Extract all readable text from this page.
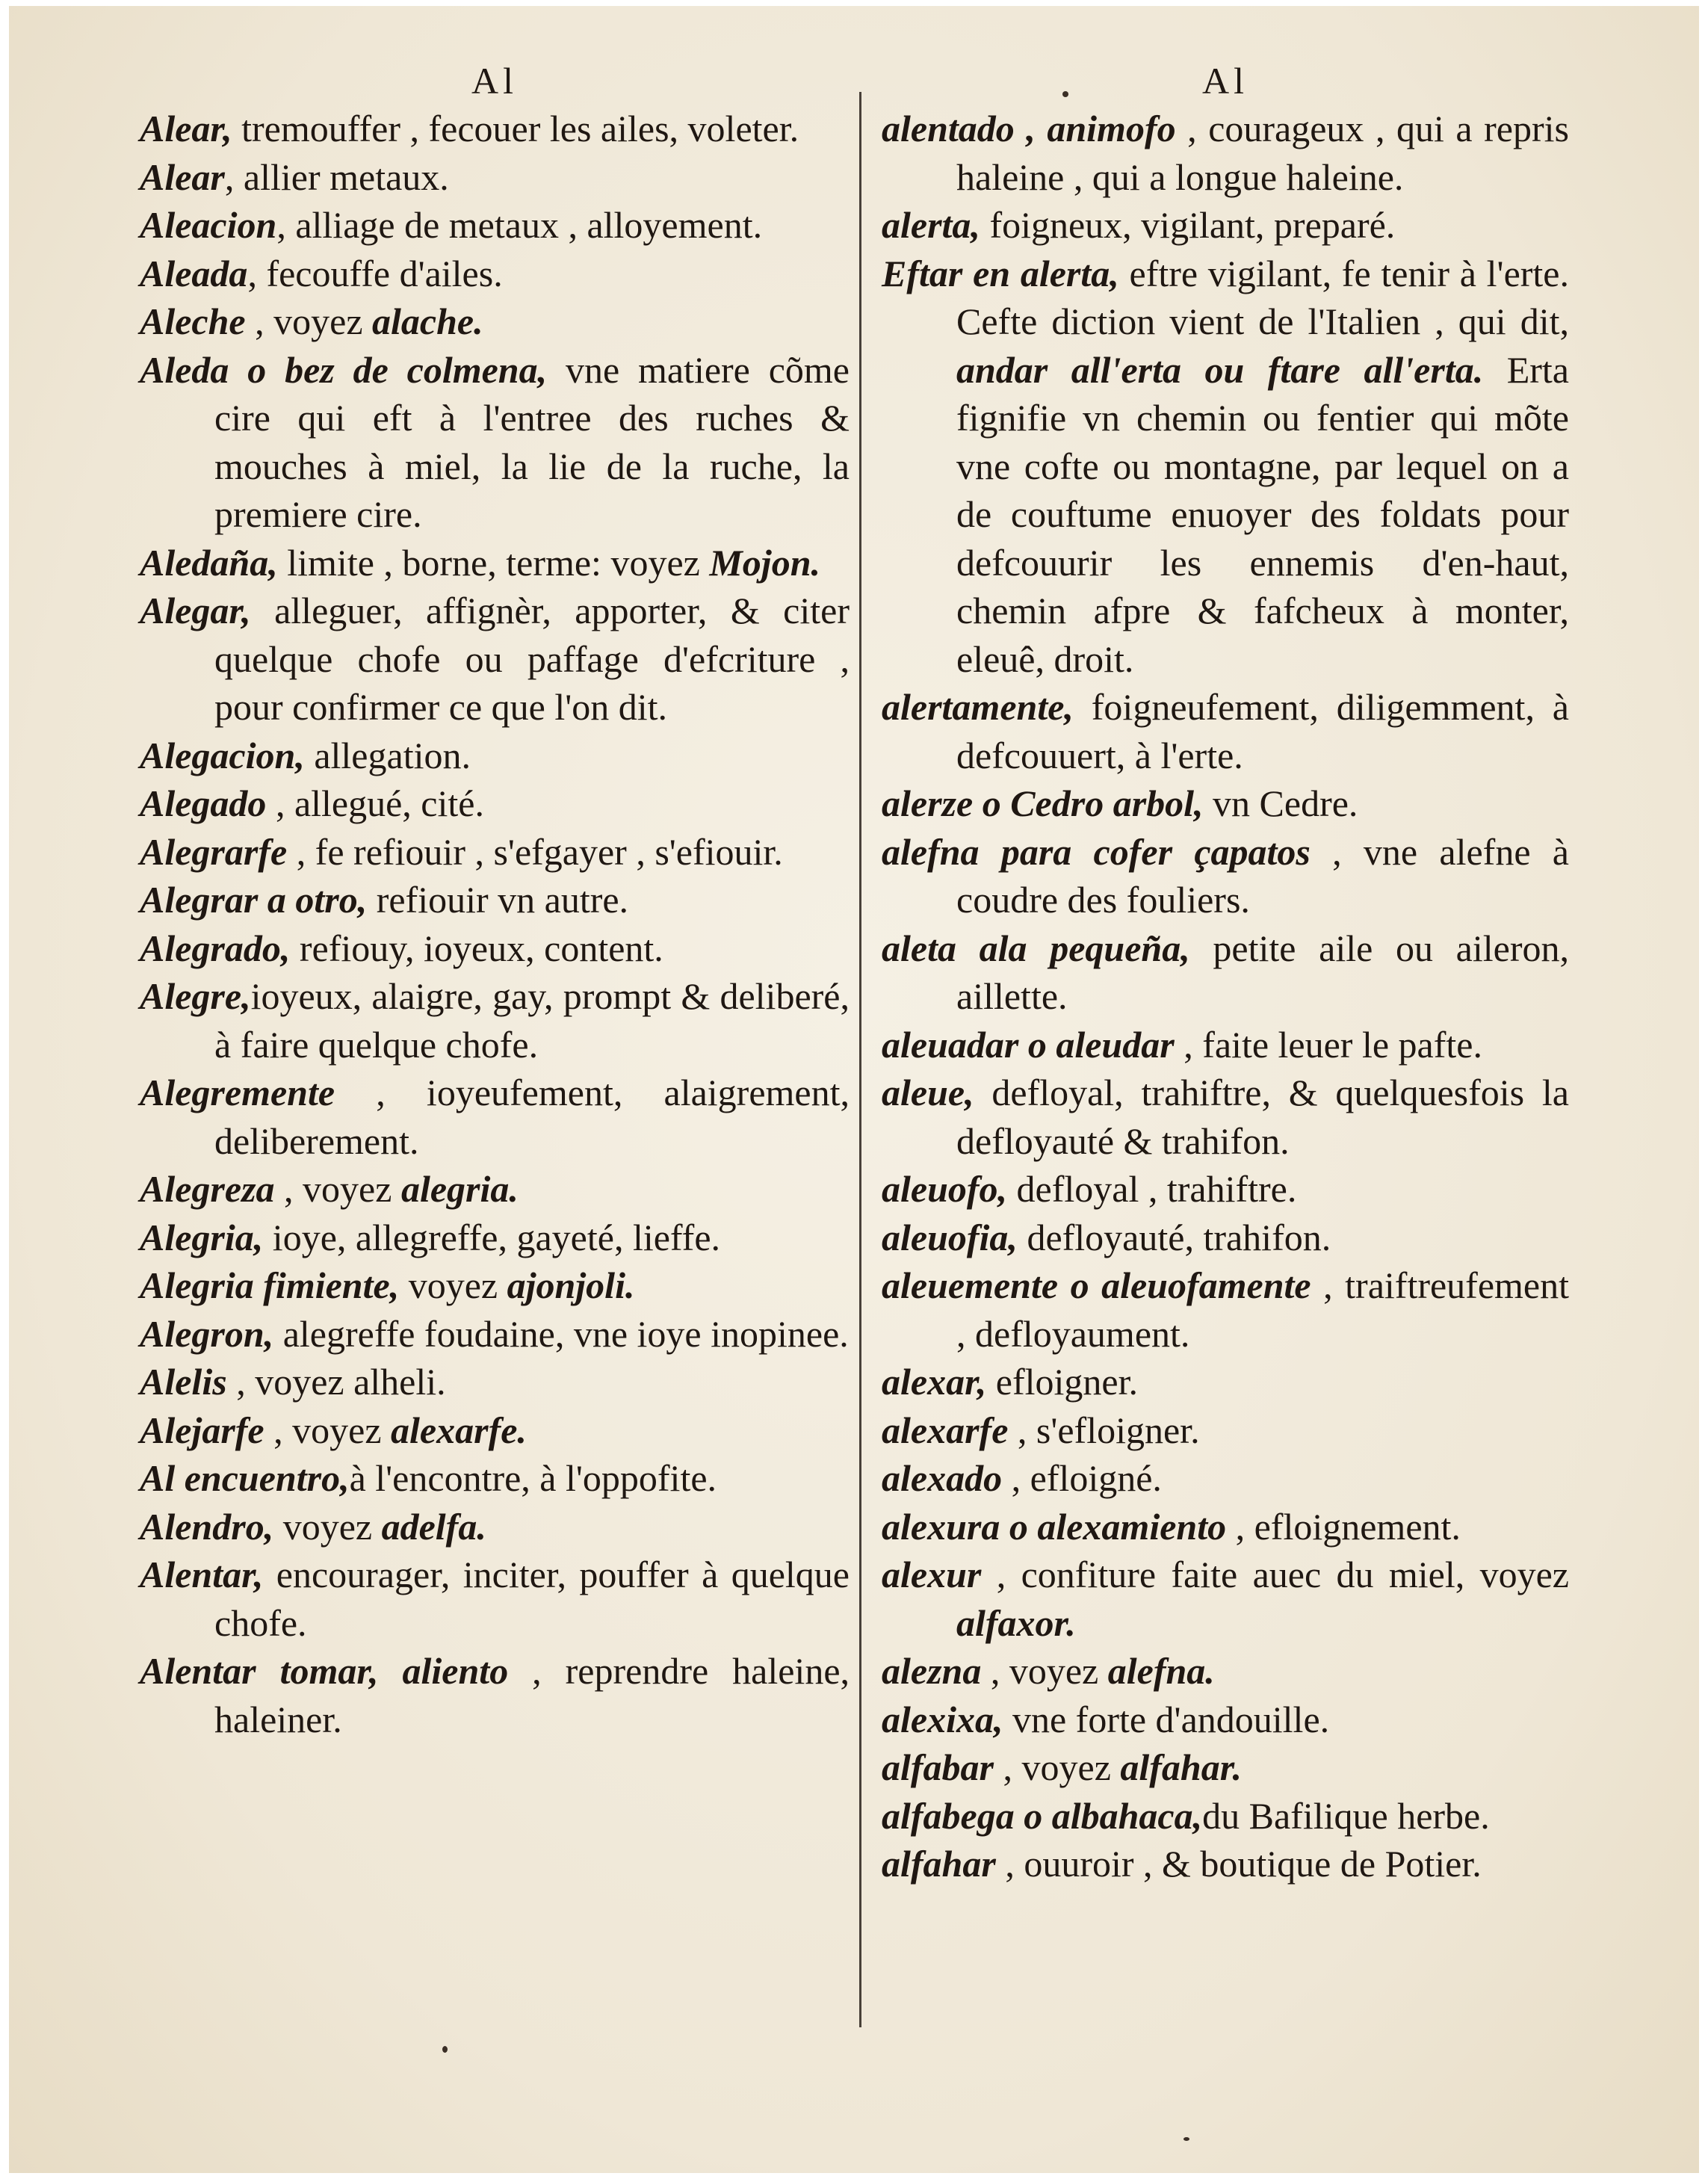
Al
Alear, tremouffer , fecouer les ailes, voleter.
Alear, allier metaux.
Aleacion, alliage de metaux , alloyement.
Aleada, fecouffe d'ailes.
Aleche , voyez alache.
Aleda o bez de colmena, vne matiere cõme cire qui eft à l'entree des ruches & mouches à miel, la lie de la ruche, la premiere cire.
Aledaña, limite , borne, terme: voyez Mojon.
Alegar, alleguer, affignèr, apporter, & citer quelque chofe ou paffage d'efcriture , pour confirmer ce que l'on dit.
Alegacion, allegation.
Alegado , allegué, cité.
Alegrarfe , fe refiouir , s'efgayer , s'efiouir.
Alegrar a otro, refiouir vn autre.
Alegrado, refiouy, ioyeux, content.
Alegre,ioyeux, alaigre, gay, prompt & deliberé, à faire quelque chofe.
Alegremente , ioyeufement, alaigrement, deliberement.
Alegreza , voyez alegria.
Alegria, ioye, allegreffe, gayeté, lieffe.
Alegria fimiente, voyez ajonjoli.
Alegron, alegreffe foudaine, vne ioye inopinee.
Alelis , voyez alheli.
Alejarfe , voyez alexarfe.
Al encuentro,à l'encontre, à l'oppofite.
Alendro, voyez adelfa.
Alentar, encourager, inciter, pouffer à quelque chofe.
Alentar tomar, aliento , reprendre haleine, haleiner.
Al
alentado , animofo , courageux , qui a repris haleine , qui a longue haleine.
alerta, foigneux, vigilant, preparé.
Eftar en alerta, eftre vigilant, fe tenir à l'erte. Cefte diction vient de l'Italien , qui dit, andar all'erta ou ftare all'erta. Erta fignifie vn chemin ou fentier qui mõte vne cofte ou montagne, par lequel on a de couftume enuoyer des foldats pour defcouurir les ennemis d'en-haut, chemin afpre & fafcheux à monter, eleuê, droit.
alertamente, foigneufement, diligemment, à defcouuert, à l'erte.
alerze o Cedro arbol, vn Cedre.
alefna para cofer çapatos , vne alefne à coudre des fouliers.
aleta ala pequeña, petite aile ou aileron, aillette.
aleuadar o aleudar , faite leuer le pafte.
aleue, defloyal, trahiftre, & quelquesfois la defloyauté & trahifon.
aleuofo, defloyal , trahiftre.
aleuofia, defloyauté, trahifon.
aleuemente o aleuofamente , traiftreufement , defloyaument.
alexar, efloigner.
alexarfe , s'efloigner.
alexado , efloigné.
alexura o alexamiento , efloignement.
alexur , confiture faite auec du miel, voyez alfaxor.
alezna , voyez alefna.
alexixa, vne forte d'andouille.
alfabar , voyez alfahar.
alfabega o albahaca,du Bafilique herbe.
alfahar , ouuroir , & boutique de Potier.
